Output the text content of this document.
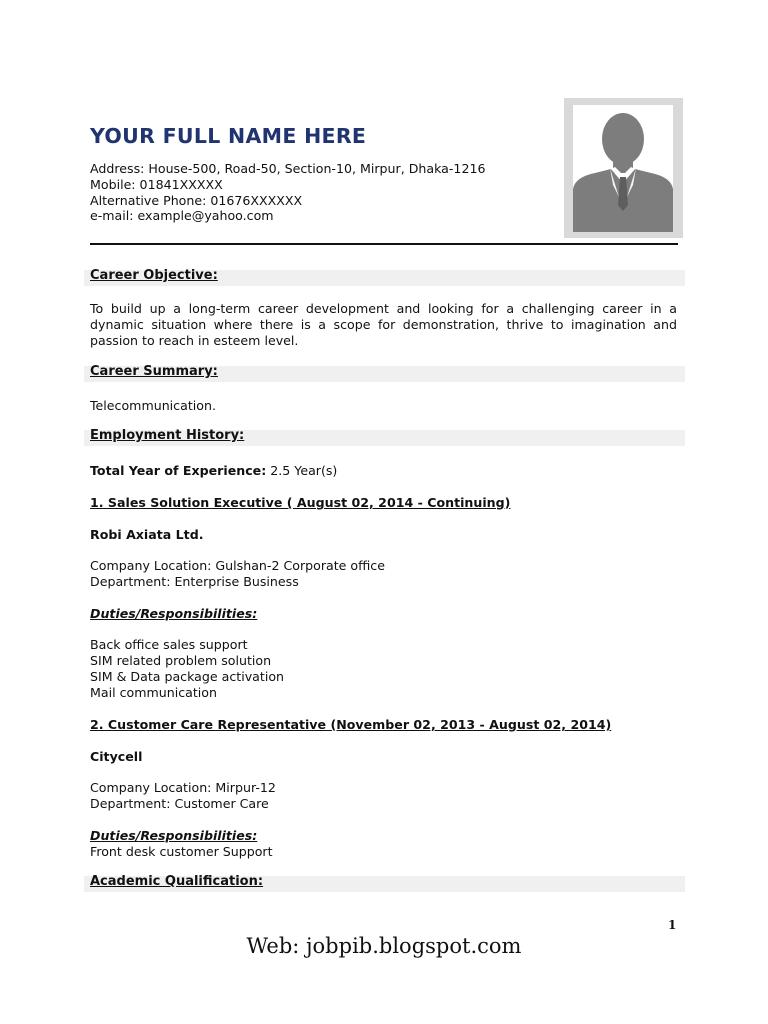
YOUR FULL NAME HERE
Address: House-500, Road-50, Section-10, Mirpur, Dhaka-1216
Mobile: 01841XXXXX
Alternative Phone: 01676XXXXXX
e-mail: example@yahoo.com
Career Objective:
To build up a long-term career development and looking for a challenging career in a dynamic situation where there is a scope for demonstration, thrive to imagination and passion to reach in esteem level.
Career Summary:
Telecommunication.
Employment History:
Total Year of Experience: 2.5 Year(s)
1. Sales Solution Executive ( August 02, 2014 - Continuing)
Robi Axiata Ltd.
Company Location: Gulshan-2 Corporate office
Department: Enterprise Business
Duties/Responsibilities:
Back office sales support
SIM related problem solution
SIM & Data package activation
Mail communication
2. Customer Care Representative (November 02, 2013 - August 02, 2014)
Citycell
Company Location: Mirpur-12
Department: Customer Care
Duties/Responsibilities:
Front desk customer Support
Academic Qualification:
1
Web: jobpib.blogspot.com
